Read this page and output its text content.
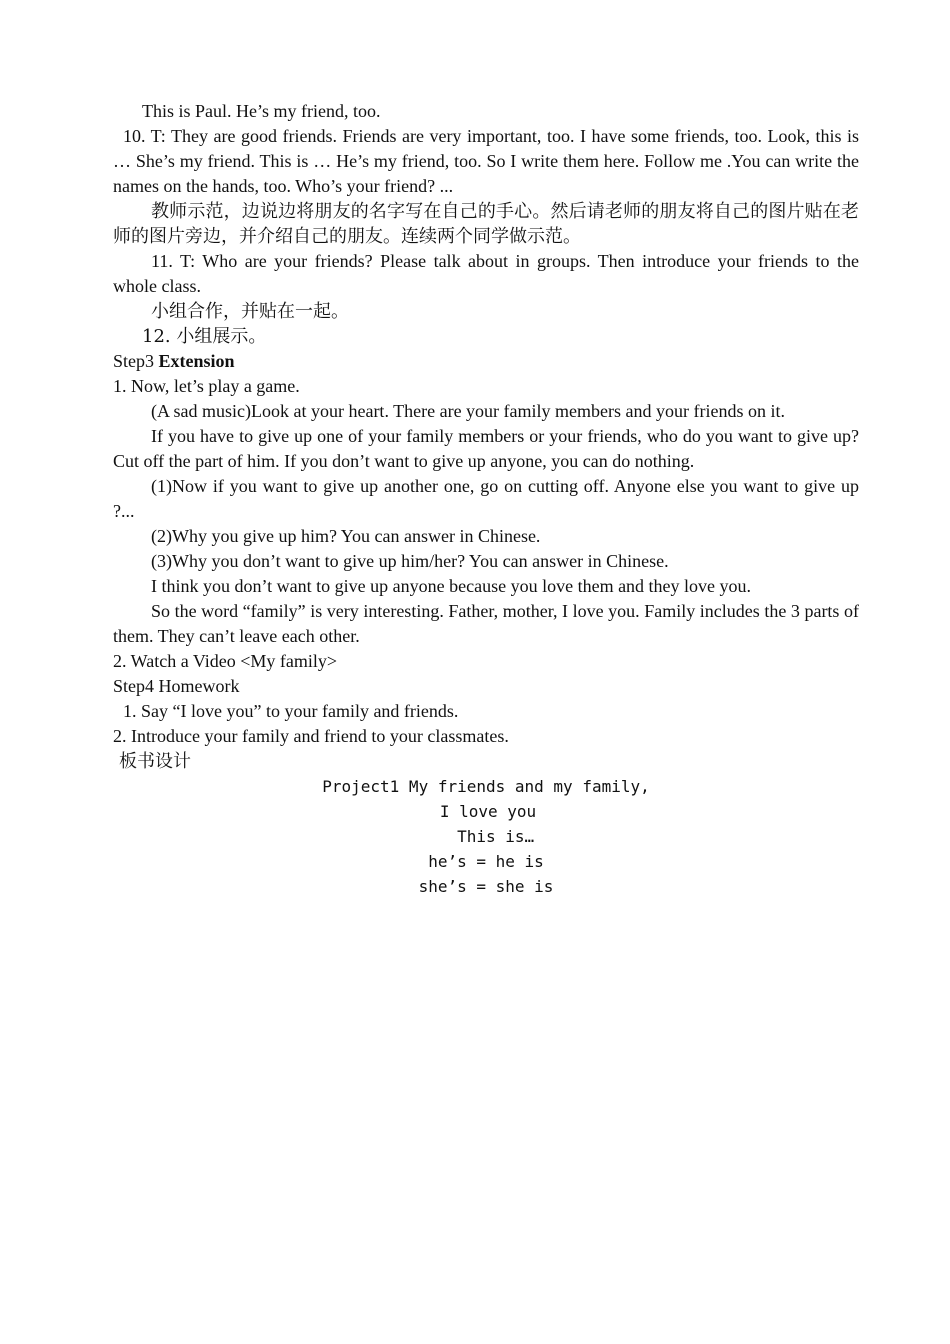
This is Paul. He’s my friend, too.
10. T: They are good friends. Friends are very important, too. I have some friends, too. Look, this is … She’s my friend. This is … He’s my friend, too. So I write them here. Follow me .You can write the names on the hands, too. Who’s your friend? ...
教师示范，边说边将朋友的名字写在自己的手心。然后请老师的朋友将自己的图片贴在老师的图片旁边，并介绍自己的朋友。连续两个同学做示范。
11. T: Who are your friends? Please talk about in groups. Then introduce your friends to the whole class.
小组合作，并贴在一起。
12. 小组展示。
Step3 Extension
1. Now, let’s play a game.
(A sad music)Look at your heart. There are your family members and your friends on it.
If you have to give up one of your family members or your friends, who do you want to give up? Cut off the part of him. If you don’t want to give up anyone, you can do nothing.
(1)Now if you want to give up another one, go on cutting off. Anyone else you want to give up ?...
(2)Why you give up him? You can answer in Chinese.
(3)Why you don’t want to give up him/her? You can answer in Chinese.
I think you don’t want to give up anyone because you love them and they love you.
So the word “family” is very interesting. Father, mother, I love you. Family includes the 3 parts of them. They can’t leave each other.
2. Watch a Video <My family>
Step4 Homework
1. Say “I love you” to your family and friends.
2. Introduce your family and friend to your classmates.
板书设计
Project1 My friends and my family,
I love you
This is…
he’s = he is
she’s = she is
